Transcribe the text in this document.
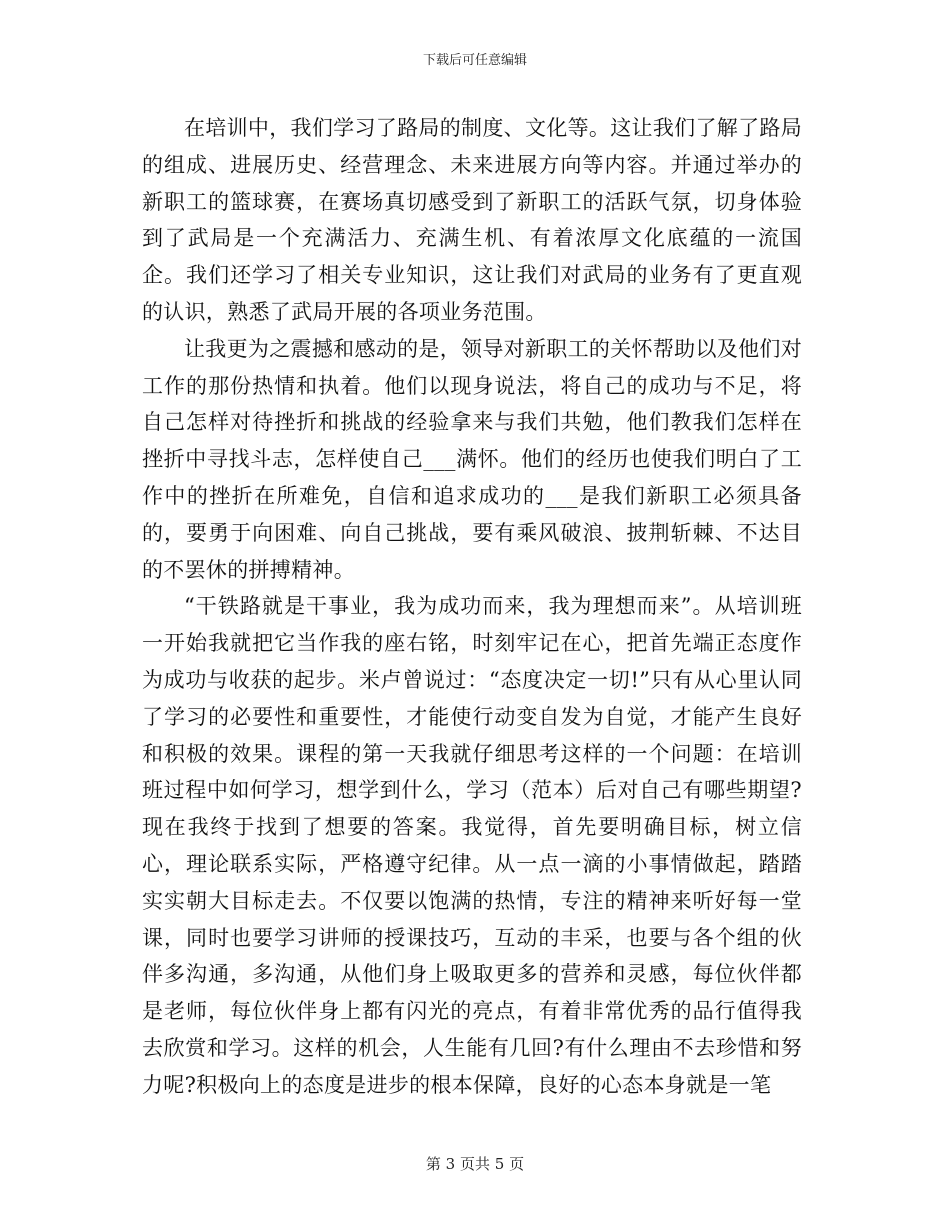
下载后可任意编辑

在培训中，我们学习了路局的制度、文化等。这让我们了解了路局的组成、进展历史、经营理念、未来进展方向等内容。并通过举办的新职工的篮球赛，在赛场真切感受到了新职工的活跃气氛，切身体验到了武局是一个充满活力、充满生机、有着浓厚文化底蕴的一流国企。我们还学习了相关专业知识，这让我们对武局的业务有了更直观的认识，熟悉了武局开展的各项业务范围。

让我更为之震撼和感动的是，领导对新职工的关怀帮助以及他们对工作的那份热情和执着。他们以现身说法，将自己的成功与不足，将自己怎样对待挫折和挑战的经验拿来与我们共勉，他们教我们怎样在挫折中寻找斗志，怎样使自己___满怀。他们的经历也使我们明白了工作中的挫折在所难免，自信和追求成功的___是我们新职工必须具备的，要勇于向困难、向自己挑战，要有乘风破浪、披荆斩棘、不达目的不罢休的拼搏精神。

“干铁路就是干事业，我为成功而来，我为理想而来”。从培训班一开始我就把它当作我的座右铭，时刻牢记在心，把首先端正态度作为成功与收获的起步。米卢曾说过：“态度决定一切!”只有从心里认同了学习的必要性和重要性，才能使行动变自发为自觉，才能产生良好和积极的效果。课程的第一天我就仔细思考这样的一个问题：在培训班过程中如何学习，想学到什么，学习（范本）后对自己有哪些期望?现在我终于找到了想要的答案。我觉得，首先要明确目标，树立信心，理论联系实际，严格遵守纪律。从一点一滴的小事情做起，踏踏实实朝大目标走去。不仅要以饱满的热情，专注的精神来听好每一堂课，同时也要学习讲师的授课技巧，互动的丰采，也要与各个组的伙伴多沟通，多沟通，从他们身上吸取更多的营养和灵感，每位伙伴都是老师，每位伙伴身上都有闪光的亮点，有着非常优秀的品行值得我去欣赏和学习。这样的机会，人生能有几回?有什么理由不去珍惜和努力呢?积极向上的态度是进步的根本保障，良好的心态本身就是一笔

第 3 页共 5 页
